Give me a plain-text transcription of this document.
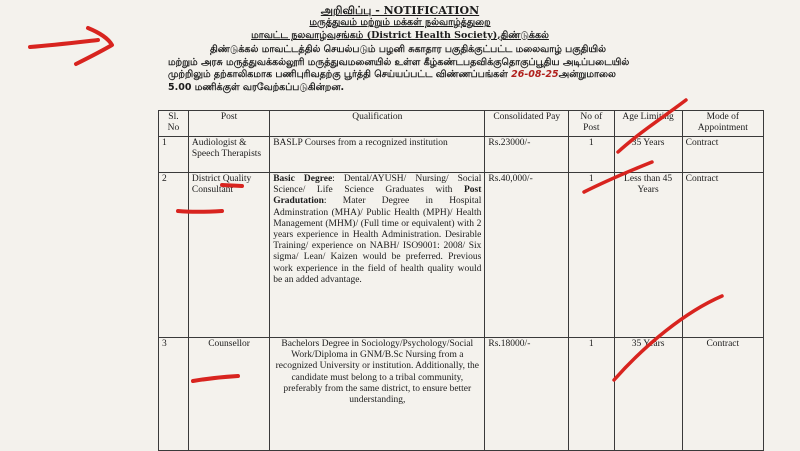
அறிவிப்பு - NOTIFICATION
மருத்துவம் மற்றும் மக்கள் நல்வாழ்த்துறை
மாவட்ட நலவாழ்வுசங்கம் (District Health Society),திண்டுக்கல்
திண்டுக்கல் மாவட்டத்தில் செயல்படும் பழனி சுகாதார பகுதிக்குட்பட்ட மலைவாழ் பகுதியில்
மற்றும் அரசு மருத்துவக்கல்லூரி மருத்துவமனையில் உள்ள கீழ்கண்டபதவிக்குதொகுப்பூதிய அடிப்படையில்
முற்றிலும் தற்காலிகமாக பணிபுரிவதற்கு பூர்த்தி செய்யப்பட்ட விண்ணப்பங்கள் 26-08-25அன்றுமாலை
5.00 மணிக்குள் வரவேற்கப்படுகின்றன.
Sl. No	Post	Qualification	Consolidated Pay	No of Post	Age Limiting	Mode of Appointment
1	Audiologist & Speech Therapists	BASLP Courses from a recognized institution	Rs.23000/-	1	35 Years	Contract
2	District Quality Consultant	Basic Degree: Dental/AYUSH/ Nursing/ Social Science/ Life Science Graduates with Post Gradutation: Mater Degree in Hospital Adminstration (MHA)/ Public Health (MPH)/ Health Management (MHM)/ (Full time or equivalent) with 2 years experience in Health Administration. Desirable Training/ experience on NABH/ ISO9001: 2008/ Six sigma/ Lean/ Kaizen would be preferred. Previous work experience in the field of health quality would be an added advantage.	Rs.40,000/-	1	Less than 45 Years	Contract
3	Counsellor	Bachelors Degree in Sociology/Psychology/Social Work/Diploma in GNM/B.Sc Nursing from a recognized University or institution. Additionally, the candidate must belong to a tribal community, preferably from the same district, to ensure better understanding,	Rs.18000/-	1	35 Years	Contract
